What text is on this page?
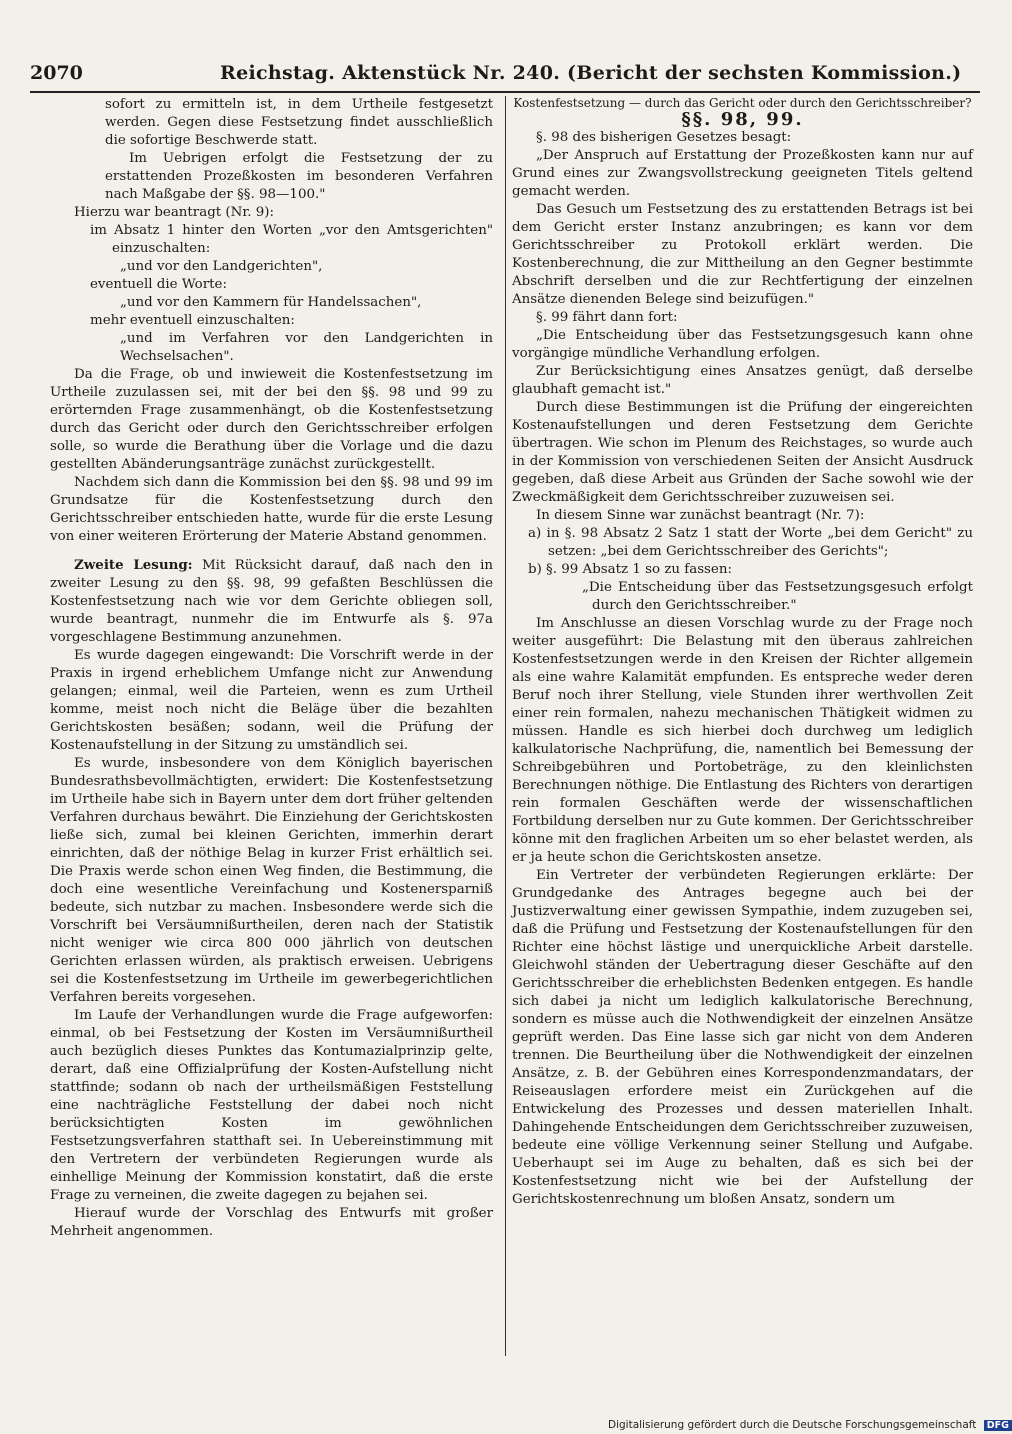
2070	Reichstag. Aktenstück Nr. 240. (Bericht der sechsten Kommission.)

sofort zu ermitteln ist, in dem Urtheile festgesetzt werden. Gegen diese Festsetzung findet ausschließlich die sofortige Beschwerde statt.

Im Uebrigen erfolgt die Festsetzung der zu erstattenden Prozeßkosten im besonderen Verfahren nach Maßgabe der §§. 98—100."

Hierzu war beantragt (Nr. 9):

im Absatz 1 hinter den Worten „vor den Amtsgerichten" einzuschalten:

„und vor den Landgerichten",

eventuell die Worte:

„und vor den Kammern für Handelssachen",

mehr eventuell einzuschalten:

„und im Verfahren vor den Landgerichten in Wechselsachen".

Da die Frage, ob und inwieweit die Kostenfestsetzung im Urtheile zuzulassen sei, mit der bei den §§. 98 und 99 zu erörternden Frage zusammenhängt, ob die Kostenfestsetzung durch das Gericht oder durch den Gerichtsschreiber erfolgen solle, so wurde die Berathung über die Vorlage und die dazu gestellten Abänderungsanträge zunächst zurückgestellt.

Nachdem sich dann die Kommission bei den §§. 98 und 99 im Grundsatze für die Kostenfestsetzung durch den Gerichtsschreiber entschieden hatte, wurde für die erste Lesung von einer weiteren Erörterung der Materie Abstand genommen.

Zweite Lesung: Mit Rücksicht darauf, daß nach den in zweiter Lesung zu den §§. 98, 99 gefaßten Beschlüssen die Kostenfestsetzung nach wie vor dem Gerichte obliegen soll, wurde beantragt, nunmehr die im Entwurfe als §. 97a vorgeschlagene Bestimmung anzunehmen.

Es wurde dagegen eingewandt: Die Vorschrift werde in der Praxis in irgend erheblichem Umfange nicht zur Anwendung gelangen; einmal, weil die Parteien, wenn es zum Urtheil komme, meist noch nicht die Beläge über die bezahlten Gerichtskosten besäßen; sodann, weil die Prüfung der Kostenaufstellung in der Sitzung zu umständlich sei.

Es wurde, insbesondere von dem Königlich bayerischen Bundesrathsbevollmächtigten, erwidert: Die Kostenfestsetzung im Urtheile habe sich in Bayern unter dem dort früher geltenden Verfahren durchaus bewährt. Die Einziehung der Gerichtskosten ließe sich, zumal bei kleinen Gerichten, immerhin derart einrichten, daß der nöthige Belag in kurzer Frist erhältlich sei. Die Praxis werde schon einen Weg finden, die Bestimmung, die doch eine wesentliche Vereinfachung und Kostenersparniß bedeute, sich nutzbar zu machen. Insbesondere werde sich die Vorschrift bei Versäumnißurtheilen, deren nach der Statistik nicht weniger wie circa 800 000 jährlich von deutschen Gerichten erlassen würden, als praktisch erweisen. Uebrigens sei die Kostenfestsetzung im Urtheile im gewerbegerichtlichen Verfahren bereits vorgesehen.

Im Laufe der Verhandlungen wurde die Frage aufgeworfen: einmal, ob bei Festsetzung der Kosten im Versäumnißurtheil auch bezüglich dieses Punktes das Kontumazialprinzip gelte, derart, daß eine Offizialprüfung der Kosten-Aufstellung nicht stattfinde; sodann ob nach der urtheilsmäßigen Feststellung eine nachträgliche Feststellung der dabei noch nicht berücksichtigten Kosten im gewöhnlichen Festsetzungsverfahren statthaft sei. In Uebereinstimmung mit den Vertretern der verbündeten Regierungen wurde als einhellige Meinung der Kommission konstatirt, daß die erste Frage zu verneinen, die zweite dagegen zu bejahen sei.

Hierauf wurde der Vorschlag des Entwurfs mit großer Mehrheit angenommen.

Kostenfestsetzung — durch das Gericht oder durch den Gerichtsschreiber?

§§. 98, 99.

§. 98 des bisherigen Gesetzes besagt:

„Der Anspruch auf Erstattung der Prozeßkosten kann nur auf Grund eines zur Zwangsvollstreckung geeigneten Titels geltend gemacht werden.

Das Gesuch um Festsetzung des zu erstattenden Betrags ist bei dem Gericht erster Instanz anzubringen; es kann vor dem Gerichtsschreiber zu Protokoll erklärt werden. Die Kostenberechnung, die zur Mittheilung an den Gegner bestimmte Abschrift derselben und die zur Rechtfertigung der einzelnen Ansätze dienenden Belege sind beizufügen."

§. 99 fährt dann fort:

„Die Entscheidung über das Festsetzungsgesuch kann ohne vorgängige mündliche Verhandlung erfolgen.

Zur Berücksichtigung eines Ansatzes genügt, daß derselbe glaubhaft gemacht ist."

Durch diese Bestimmungen ist die Prüfung der eingereichten Kostenaufstellungen und deren Festsetzung dem Gerichte übertragen. Wie schon im Plenum des Reichstages, so wurde auch in der Kommission von verschiedenen Seiten der Ansicht Ausdruck gegeben, daß diese Arbeit aus Gründen der Sache sowohl wie der Zweckmäßigkeit dem Gerichtsschreiber zuzuweisen sei.

In diesem Sinne war zunächst beantragt (Nr. 7):

a) in §. 98 Absatz 2 Satz 1 statt der Worte „bei dem Gericht" zu setzen: „bei dem Gerichtsschreiber des Gerichts";

b) §. 99 Absatz 1 so zu fassen:

„Die Entscheidung über das Festsetzungsgesuch erfolgt durch den Gerichtsschreiber."

Im Anschlusse an diesen Vorschlag wurde zu der Frage noch weiter ausgeführt: Die Belastung mit den überaus zahlreichen Kostenfestsetzungen werde in den Kreisen der Richter allgemein als eine wahre Kalamität empfunden. Es entspreche weder deren Beruf noch ihrer Stellung, viele Stunden ihrer werthvollen Zeit einer rein formalen, nahezu mechanischen Thätigkeit widmen zu müssen. Handle es sich hierbei doch durchweg um lediglich kalkulatorische Nachprüfung, die, namentlich bei Bemessung der Schreibgebühren und Portobeträge, zu den kleinlichsten Berechnungen nöthige. Die Entlastung des Richters von derartigen rein formalen Geschäften werde der wissenschaftlichen Fortbildung derselben nur zu Gute kommen. Der Gerichtsschreiber könne mit den fraglichen Arbeiten um so eher belastet werden, als er ja heute schon die Gerichtskosten ansetze.

Ein Vertreter der verbündeten Regierungen erklärte: Der Grundgedanke des Antrages begegne auch bei der Justizverwaltung einer gewissen Sympathie, indem zuzugeben sei, daß die Prüfung und Festsetzung der Kostenaufstellungen für den Richter eine höchst lästige und unerquickliche Arbeit darstelle. Gleichwohl ständen der Uebertragung dieser Geschäfte auf den Gerichtsschreiber die erheblichsten Bedenken entgegen. Es handle sich dabei ja nicht um lediglich kalkulatorische Berechnung, sondern es müsse auch die Nothwendigkeit der einzelnen Ansätze geprüft werden. Das Eine lasse sich gar nicht von dem Anderen trennen. Die Beurtheilung über die Nothwendigkeit der einzelnen Ansätze, z. B. der Gebühren eines Korrespondenzmandatars, der Reiseauslagen erfordere meist ein Zurückgehen auf die Entwickelung des Prozesses und dessen materiellen Inhalt. Dahingehende Entscheidungen dem Gerichtsschreiber zuzuweisen, bedeute eine völlige Verkennung seiner Stellung und Aufgabe. Ueberhaupt sei im Auge zu behalten, daß es sich bei der Kostenfestsetzung nicht wie bei der Aufstellung der Gerichtskostenrechnung um bloßen Ansatz, sondern um

Digitalisierung gefördert durch die Deutsche Forschungsgemeinschaft DFG
